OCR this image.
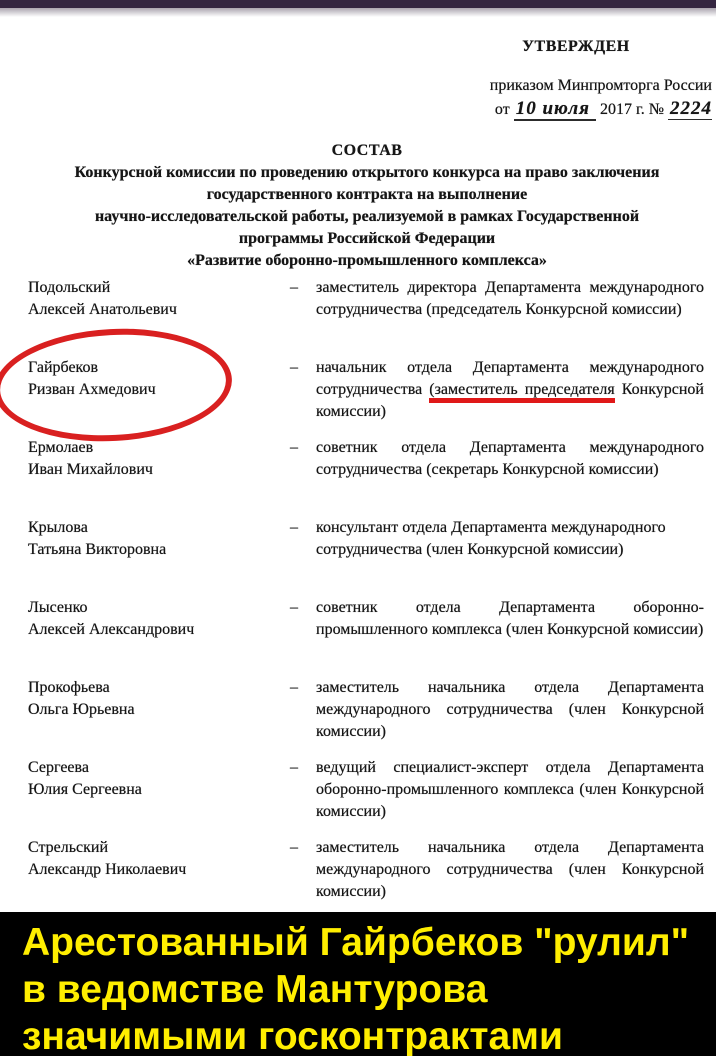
УТВЕРЖДЕН
приказом Минпромторга России
от 10 июля 2017 г. № 2224
СОСТАВ
Конкурсной комиссии по проведению открытого конкурса на право заключения
государственного контракта на выполнение
научно-исследовательской работы, реализуемой в рамках Государственной
программы Российской Федерации
«Развитие оборонно-промышленного комплекса»
Подольский
Алексей Анатольевич
–	заместитель директора Департамента международного сотрудничества (председатель Конкурсной комиссии)
Гайрбеков
Ризван Ахмедович
–	начальник отдела Департамента международного сотрудничества (заместитель председателя Конкурсной комиссии)
Ермолаев
Иван Михайлович
–	советник отдела Департамента международного сотрудничества (секретарь Конкурсной комиссии)
Крылова
Татьяна Викторовна
–	консультант отдела Департамента международного сотрудничества (член Конкурсной комиссии)
Лысенко
Алексей Александрович
–	советник отдела Департамента оборонно-промышленного комплекса (член Конкурсной комиссии)
Прокофьева
Ольга Юрьевна
–	заместитель начальника отдела Департамента международного сотрудничества (член Конкурсной комиссии)
Сергеева
Юлия Сергеевна
–	ведущий специалист-эксперт отдела Департамента оборонно-промышленного комплекса (член Конкурсной комиссии)
Стрельский
Александр Николаевич
–	заместитель начальника отдела Департамента международного сотрудничества (член Конкурсной комиссии)
Арестованный Гайрбеков "рулил"
в ведомстве Мантурова
значимыми госконтрактами
